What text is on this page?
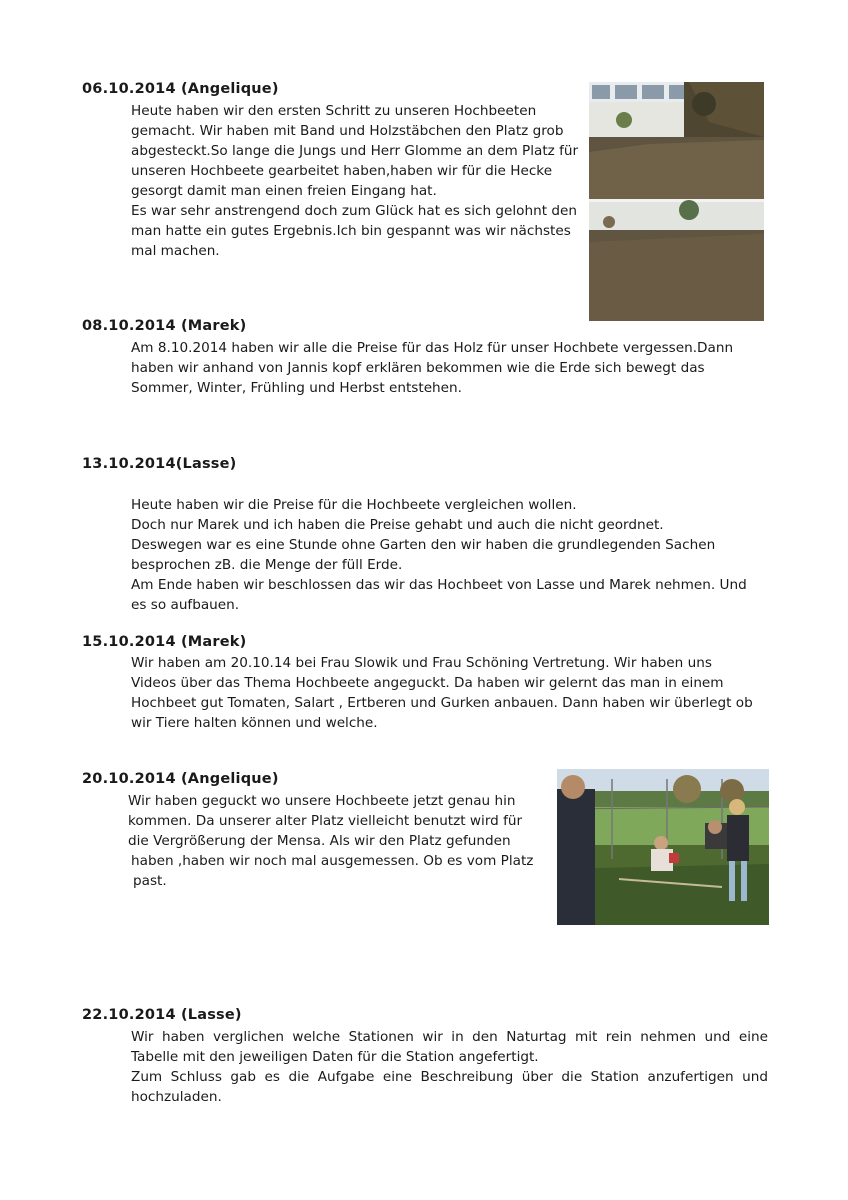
06.10.2014 (Angelique)
Heute haben wir den ersten Schritt zu unseren Hochbeeten
gemacht. Wir haben mit Band und Holzstäbchen den Platz grob
abgesteckt.So lange die Jungs und Herr Glomme an dem Platz für
unseren Hochbeete gearbeitet haben,haben wir für die Hecke
gesorgt damit man einen freien Eingang hat.
Es war sehr anstrengend doch zum Glück hat es sich gelohnt den
man hatte ein gutes Ergebnis.Ich bin gespannt was wir nächstes
mal machen.
08.10.2014 (Marek)
Am 8.10.2014 haben wir alle die Preise für das Holz für unser Hochbete vergessen.Dann
haben wir anhand von Jannis kopf erklären bekommen wie die Erde sich bewegt das
Sommer, Winter, Frühling und Herbst entstehen.
13.10.2014(Lasse)
Heute haben wir die Preise für die Hochbeete vergleichen wollen.
Doch nur Marek und ich haben die Preise gehabt und auch die nicht geordnet.
Deswegen war es eine Stunde ohne Garten den wir haben die grundlegenden Sachen
besprochen zB. die Menge der füll Erde.
Am Ende haben wir beschlossen das wir das Hochbeet von Lasse und Marek nehmen. Und
es so aufbauen.
15.10.2014 (Marek)
Wir haben am 20.10.14 bei Frau Slowik und Frau Schöning Vertretung. Wir haben uns
Videos über das Thema Hochbeete angeguckt. Da haben wir gelernt das man in einem
Hochbeet gut Tomaten, Salart , Ertberen und Gurken anbauen. Dann haben wir überlegt ob
wir Tiere halten können und welche.
20.10.2014 (Angelique)
Wir haben geguckt wo unsere Hochbeete jetzt genau hin
kommen. Da unserer alter Platz vielleicht benutzt wird für
die Vergrößerung der Mensa. Als wir den Platz gefunden
haben ,haben wir noch mal ausgemessen. Ob es vom Platz
past.
22.10.2014 (Lasse)
Wir haben verglichen welche Stationen wir in den Naturtag mit rein nehmen und eine
Tabelle mit den jeweiligen Daten für die Station angefertigt.
Zum Schluss gab es die Aufgabe eine Beschreibung über die Station anzufertigen und
hochzuladen.
